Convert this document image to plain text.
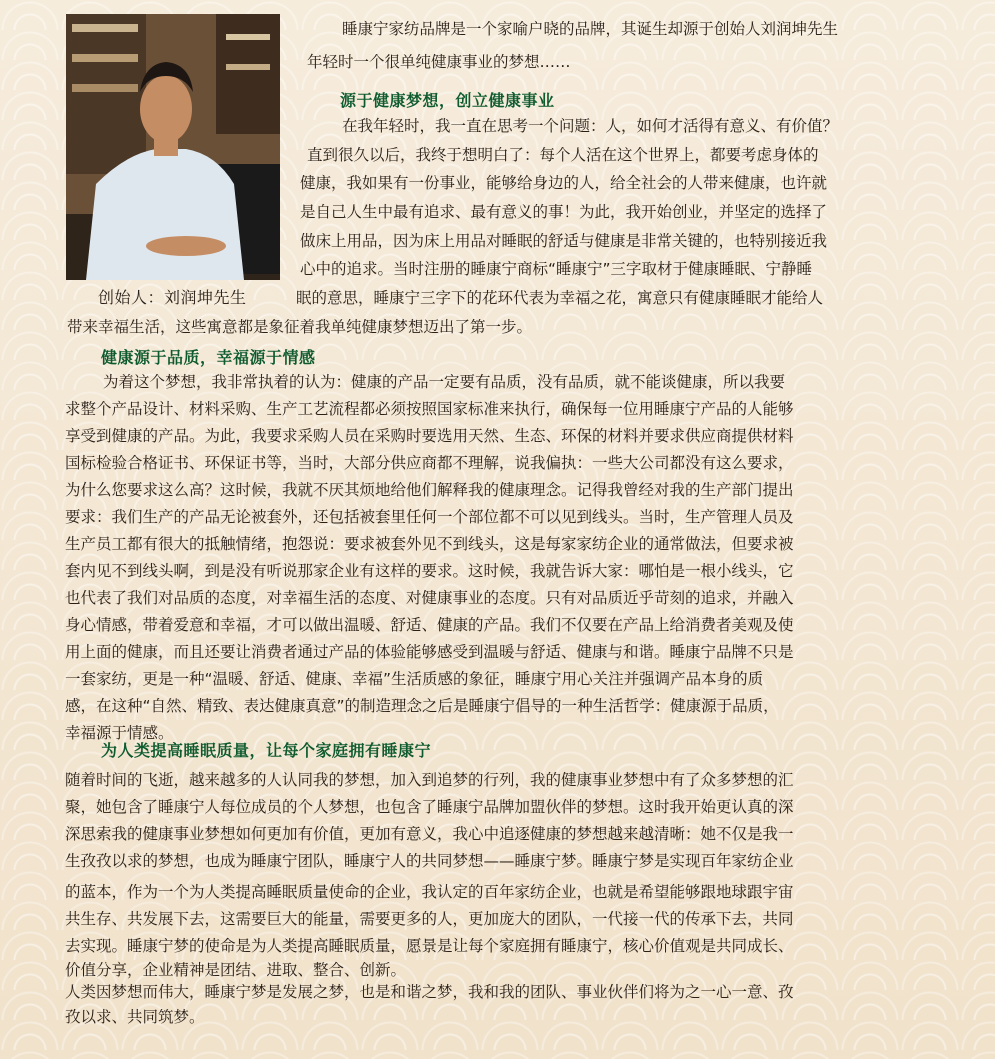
创始人：刘润坤先生
睡康宁家纺品牌是一个家喻户晓的品牌，其诞生却源于创始人刘润坤先生
年轻时一个很单纯健康事业的梦想……
源于健康梦想，创立健康事业
在我年轻时，我一直在思考一个问题：人，如何才活得有意义、有价值？
直到很久以后，我终于想明白了：每个人活在这个世界上，都要考虑身体的
健康，我如果有一份事业，能够给身边的人，给全社会的人带来健康，也许就
是自己人生中最有追求、最有意义的事！为此，我开始创业，并坚定的选择了
做床上用品，因为床上用品对睡眠的舒适与健康是非常关键的，也特别接近我
心中的追求。当时注册的睡康宁商标“睡康宁”三字取材于健康睡眠、宁静睡
眠的意思，睡康宁三字下的花环代表为幸福之花，寓意只有健康睡眠才能给人
带来幸福生活，这些寓意都是象征着我单纯健康梦想迈出了第一步。
健康源于品质，幸福源于情感
为着这个梦想，我非常执着的认为：健康的产品一定要有品质，没有品质，就不能谈健康，所以我要
求整个产品设计、材料采购、生产工艺流程都必须按照国家标准来执行，确保每一位用睡康宁产品的人能够
享受到健康的产品。为此，我要求采购人员在采购时要选用天然、生态、环保的材料并要求供应商提供材料
国标检验合格证书、环保证书等，当时，大部分供应商都不理解，说我偏执：一些大公司都没有这么要求，
为什么您要求这么高？这时候，我就不厌其烦地给他们解释我的健康理念。记得我曾经对我的生产部门提出
要求：我们生产的产品无论被套外，还包括被套里任何一个部位都不可以见到线头。当时，生产管理人员及
生产员工都有很大的抵触情绪，抱怨说：要求被套外见不到线头，这是每家家纺企业的通常做法，但要求被
套内见不到线头啊，到是没有听说那家企业有这样的要求。这时候，我就告诉大家：哪怕是一根小线头，它
也代表了我们对品质的态度，对幸福生活的态度、对健康事业的态度。只有对品质近乎苛刻的追求，并融入
身心情感，带着爱意和幸福，才可以做出温暖、舒适、健康的产品。我们不仅要在产品上给消费者美观及使
用上面的健康，而且还要让消费者通过产品的体验能够感受到温暖与舒适、健康与和谐。睡康宁品牌不只是
一套家纺，更是一种“温暖、舒适、健康、幸福”生活质感的象征，睡康宁用心关注并强调产品本身的质
感，在这种“自然、精致、表达健康真意”的制造理念之后是睡康宁倡导的一种生活哲学：健康源于品质，
幸福源于情感。
为人类提高睡眠质量，让每个家庭拥有睡康宁
随着时间的飞逝，越来越多的人认同我的梦想，加入到追梦的行列，我的健康事业梦想中有了众多梦想的汇
聚，她包含了睡康宁人每位成员的个人梦想，也包含了睡康宁品牌加盟伙伴的梦想。这时我开始更认真的深
深思索我的健康事业梦想如何更加有价值，更加有意义，我心中追逐健康的梦想越来越清晰：她不仅是我一
生孜孜以求的梦想，也成为睡康宁团队，睡康宁人的共同梦想——睡康宁梦。睡康宁梦是实现百年家纺企业
的蓝本，作为一个为人类提高睡眠质量使命的企业，我认定的百年家纺企业，也就是希望能够跟地球跟宇宙
共生存、共发展下去，这需要巨大的能量，需要更多的人，更加庞大的团队，一代接一代的传承下去，共同
去实现。睡康宁梦的使命是为人类提高睡眠质量，愿景是让每个家庭拥有睡康宁，核心价值观是共同成长、
价值分享，企业精神是团结、进取、整合、创新。
人类因梦想而伟大，睡康宁梦是发展之梦，也是和谐之梦，我和我的团队、事业伙伴们将为之一心一意、孜
孜以求、共同筑梦。
